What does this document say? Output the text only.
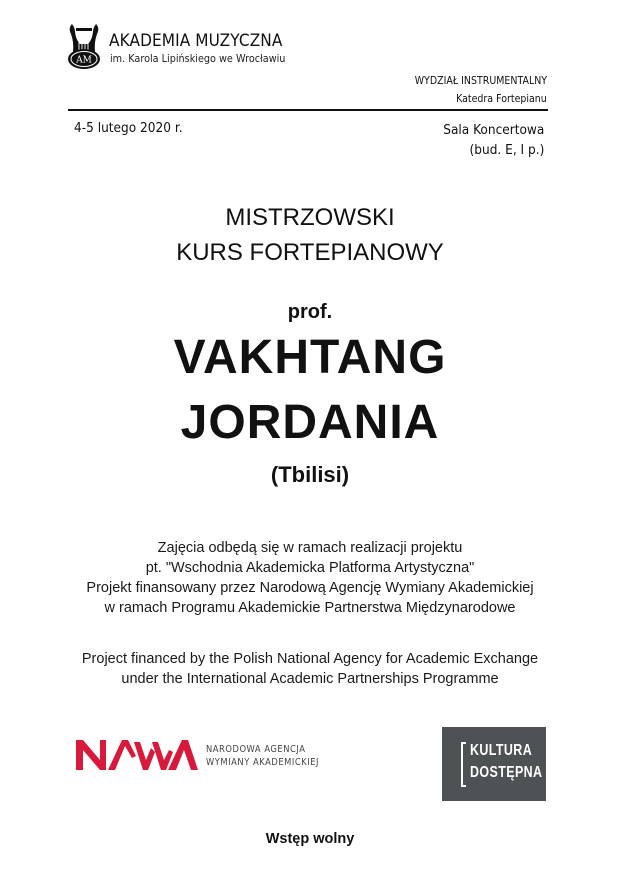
AM
AKADEMIA MUZYCZNA
im. Karola Lipińskiego we Wrocławiu
WYDZIAŁ INSTRUMENTALNY
Katedra Fortepianu
4-5 lutego 2020 r.	Sala Koncertowa
(bud. E, I p.)
MISTRZOWSKI
KURS FORTEPIANOWY
prof.
VAKHTANG
JORDANIA
(Tbilisi)
Zajęcia odbędą się w ramach realizacji projektu
pt. "Wschodnia Akademicka Platforma Artystyczna"
Projekt finansowany przez Narodową Agencję Wymiany Akademickiej
w ramach Programu Akademickie Partnerstwa Międzynarodowe
Project financed by the Polish National Agency for Academic Exchange
under the International Academic Partnerships Programme
NARODOWA AGENCJA
WYMIANY AKADEMICKIEJ
KULTURA
DOSTĘPNA
Wstęp wolny
